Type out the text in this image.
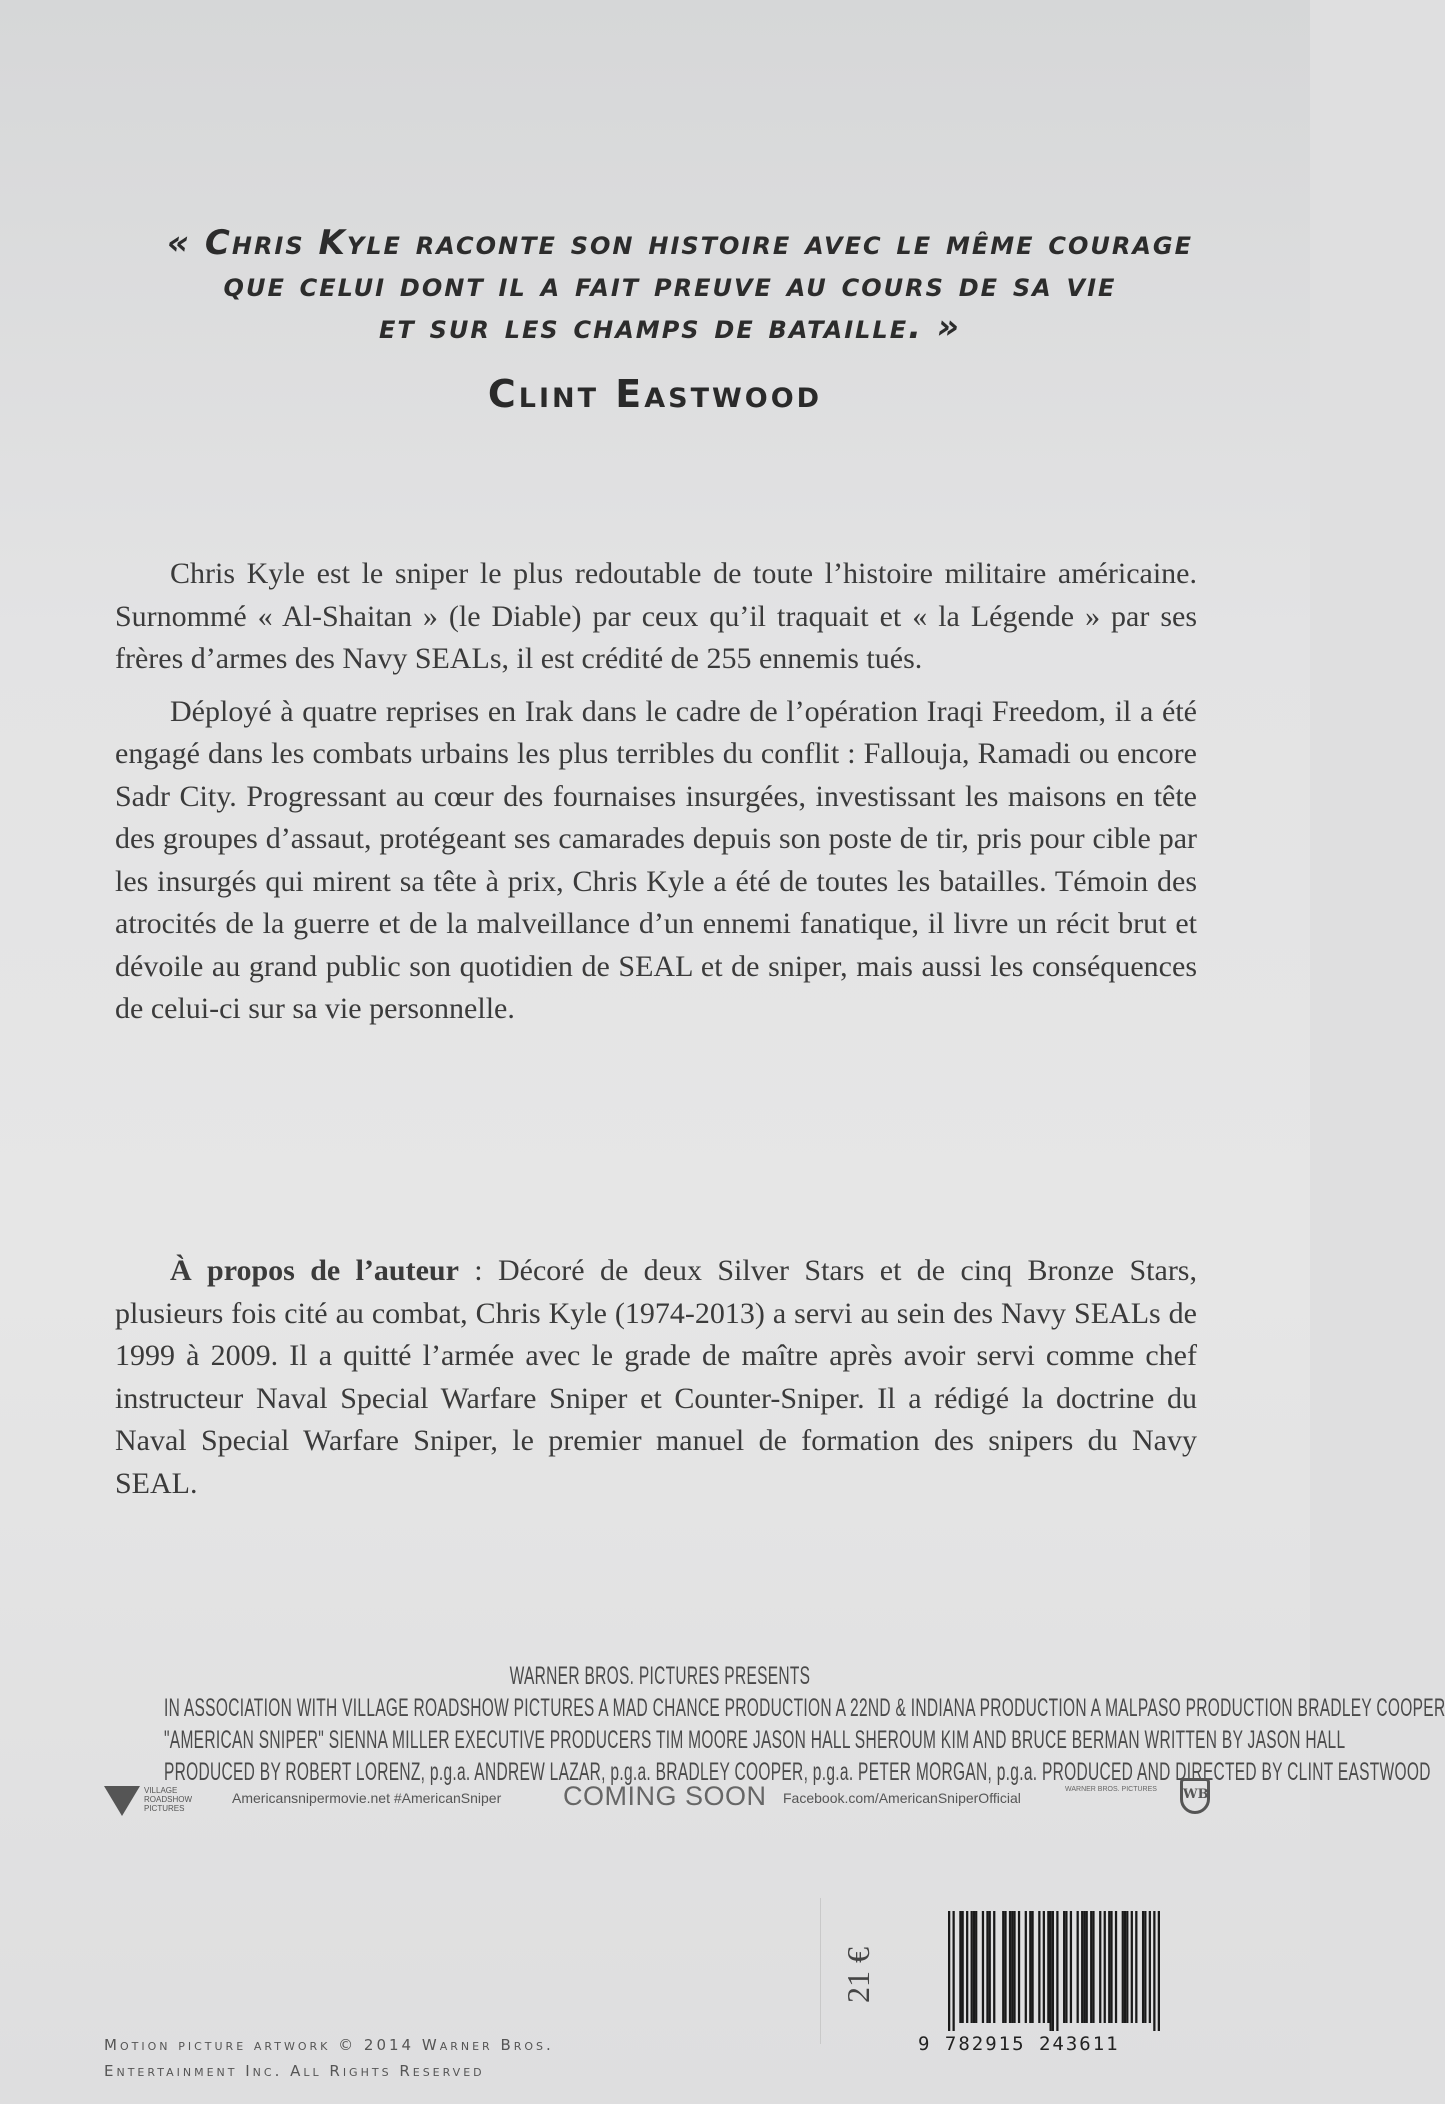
« Chris Kyle raconte son histoire avec le même courage
que celui dont il a fait preuve au cours de sa vie
et sur les champs de bataille. »
Clint Eastwood

Chris Kyle est le sniper le plus redoutable de toute l’histoire militaire américaine. Surnommé « Al-Shaitan » (le Diable) par ceux qu’il traquait et « la Légende » par ses frères d’armes des Navy SEALs, il est crédité de 255 ennemis tués.

Déployé à quatre reprises en Irak dans le cadre de l’opération Iraqi Freedom, il a été engagé dans les combats urbains les plus terribles du conflit : Fallouja, Ramadi ou encore Sadr City. Progressant au cœur des fournaises insurgées, investissant les maisons en tête des groupes d’assaut, protégeant ses camarades depuis son poste de tir, pris pour cible par les insurgés qui mirent sa tête à prix, Chris Kyle a été de toutes les batailles. Témoin des atrocités de la guerre et de la malveillance d’un ennemi fanatique, il livre un récit brut et dévoile au grand public son quotidien de SEAL et de sniper, mais aussi les conséquences de celui-ci sur sa vie personnelle.

À propos de l’auteur : Décoré de deux Silver Stars et de cinq Bronze Stars, plusieurs fois cité au combat, Chris Kyle (1974-2013) a servi au sein des Navy SEALs de 1999 à 2009. Il a quitté l’armée avec le grade de maître après avoir servi comme chef instructeur Naval Special Warfare Sniper et Counter-Sniper. Il a rédigé la doctrine du Naval Special Warfare Sniper, le premier manuel de formation des snipers du Navy SEAL.
WARNER BROS. PICTURES PRESENTS
IN ASSOCIATION WITH VILLAGE ROADSHOW PICTURES A MAD CHANCE PRODUCTION A 22ND & INDIANA PRODUCTION A MALPASO PRODUCTION BRADLEY COOPER
"AMERICAN SNIPER" SIENNA MILLER EXECUTIVE PRODUCERS TIM MOORE JASON HALL SHEROUM KIM AND BRUCE BERMAN WRITTEN BY JASON HALL
PRODUCED BY ROBERT LORENZ, p.g.a. ANDREW LAZAR, p.g.a. BRADLEY COOPER, p.g.a. PETER MORGAN, p.g.a. PRODUCED AND DIRECTED BY CLINT EASTWOOD
VILLAGE ROADSHOW PICTURES
Americansnipermovie.net #AmericanSniper COMING SOON Facebook.com/AmericanSniperOfficial
WARNER BROS. PICTURES	WB
21 €
9 782915 243611
Motion picture artwork © 2014 Warner Bros.
Entertainment Inc. All Rights Reserved
